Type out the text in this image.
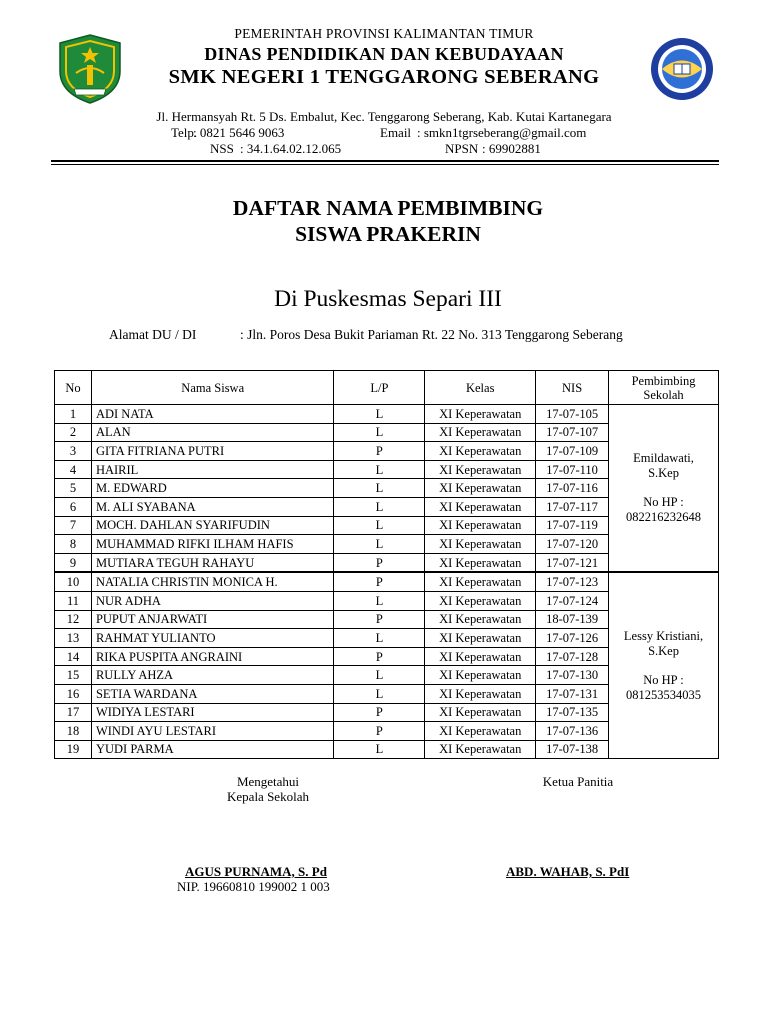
PEMERINTAH PROVINSI KALIMANTAN TIMUR
DINAS PENDIDIKAN DAN KEBUDAYAAN
SMK NEGERI 1 TENGGARONG SEBERANG
Jl. Hermansyah Rt. 5 Ds. Embalut, Kec. Tenggarong Seberang, Kab. Kutai Kartanegara
Telp.
: 0821 5646 9063	Email : smkn1tgrseberang@gmail.com
NSS : 34.1.64.02.12.065	NPSN : 69902881
DAFTAR NAMA PEMBIMBING
SISWA PRAKERIN
Di Puskesmas Separi III
Alamat DU / DI	: Jln. Poros Desa Bukit Pariaman Rt. 22 No. 313 Tenggarong Seberang
No	Nama Siswa	L/P	Kelas	NIS	Pembimbing
Sekolah
1	ADI NATA	L	XI Keperawatan	17-07-105	Emildawati,
S.Kep
No HP :
082216232648

2	ALAN	L	XI Keperawatan	17-07-107	
3	GITA FITRIANA PUTRI	P	XI Keperawatan	17-07-109	
4	HAIRIL	L	XI Keperawatan	17-07-110	
5	M. EDWARD	L	XI Keperawatan	17-07-116	
6	M. ALI SYABANA	L	XI Keperawatan	17-07-117	
7	MOCH. DAHLAN SYARIFUDIN	L	XI Keperawatan	17-07-119	
8	MUHAMMAD RIFKI ILHAM HAFIS	L	XI Keperawatan	17-07-120	
9	MUTIARA TEGUH RAHAYU	P	XI Keperawatan	17-07-121	
10	NATALIA CHRISTIN MONICA H.	P	XI Keperawatan	17-07-123	Lessy Kristiani,
S.Kep
No HP :
081253534035

11	NUR ADHA	L	XI Keperawatan	17-07-124	
12	PUPUT ANJARWATI	P	XI Keperawatan	18-07-139	
13	RAHMAT YULIANTO	L	XI Keperawatan	17-07-126	
14	RIKA PUSPITA ANGRAINI	P	XI Keperawatan	17-07-128	
15	RULLY AHZA	L	XI Keperawatan	17-07-130	
16	SETIA WARDANA	L	XI Keperawatan	17-07-131	
17	WIDIYA LESTARI	P	XI Keperawatan	17-07-135	
18	WINDI AYU LESTARI	P	XI Keperawatan	17-07-136	
19	YUDI PARMA	L	XI Keperawatan	17-07-138	
Mengetahui
Kepala Sekolah
Ketua Panitia
AGUS PURNAMA, S. Pd
NIP. 19660810 199002 1 003
ABD. WAHAB, S. PdI
